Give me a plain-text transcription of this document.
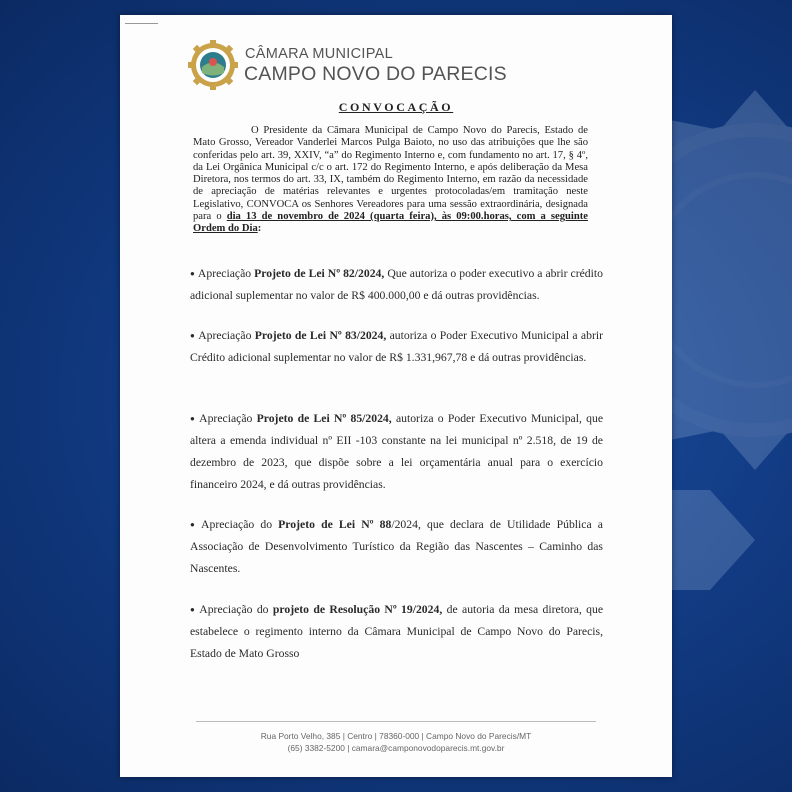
CÂMARA MUNICIPAL
CAMPO NOVO DO PARECIS
CONVOCAÇÃO
O Presidente da Câmara Municipal de Campo Novo do Parecis, Estado de Mato Grosso, Vereador Vanderlei Marcos Pulga Baioto, no uso das atribuições que lhe são conferidas pelo art. 39, XXIV, “a” do Regimento Interno e, com fundamento no art. 17, § 4º, da Lei Orgânica Municipal c/c o art. 172 do Regimento Interno, e após deliberação da Mesa Diretora, nos termos do art. 33, IX, também do Regimento Interno, em razão da necessidade de apreciação de matérias relevantes e urgentes protocoladas/em tramitação neste Legislativo, CONVOCA os Senhores Vereadores para uma sessão extraordinária, designada para o dia 13 de novembro de 2024 (quarta feira), às 09:00.horas, com a seguinte Ordem do Dia:
● Apreciação Projeto de Lei Nº 82/2024, Que autoriza o poder executivo a abrir crédito adicional suplementar no valor de R$ 400.000,00 e dá outras providências.
● Apreciação Projeto de Lei Nº 83/2024, autoriza o Poder Executivo Municipal a abrir Crédito adicional suplementar no valor de R$ 1.331,967,78 e dá outras providências.
● Apreciação Projeto de Lei Nº 85/2024, autoriza o Poder Executivo Municipal, que altera a emenda individual nº EII -103 constante na lei municipal nº 2.518, de 19 de dezembro de 2023, que dispõe sobre a lei orçamentária anual para o exercício financeiro 2024, e dá outras providências.
● Apreciação do Projeto de Lei Nº 88/2024, que declara de Utilidade Pública a Associação de Desenvolvimento Turístico da Região das Nascentes – Caminho das Nascentes.
● Apreciação do projeto de Resolução Nº 19/2024, de autoria da mesa diretora, que estabelece o regimento interno da Câmara Municipal de Campo Novo do Parecis, Estado de Mato Grosso
Rua Porto Velho, 385 | Centro | 78360-000 | Campo Novo do Parecis/MT
(65) 3382-5200 | camara@camponovodoparecis.mt.gov.br
